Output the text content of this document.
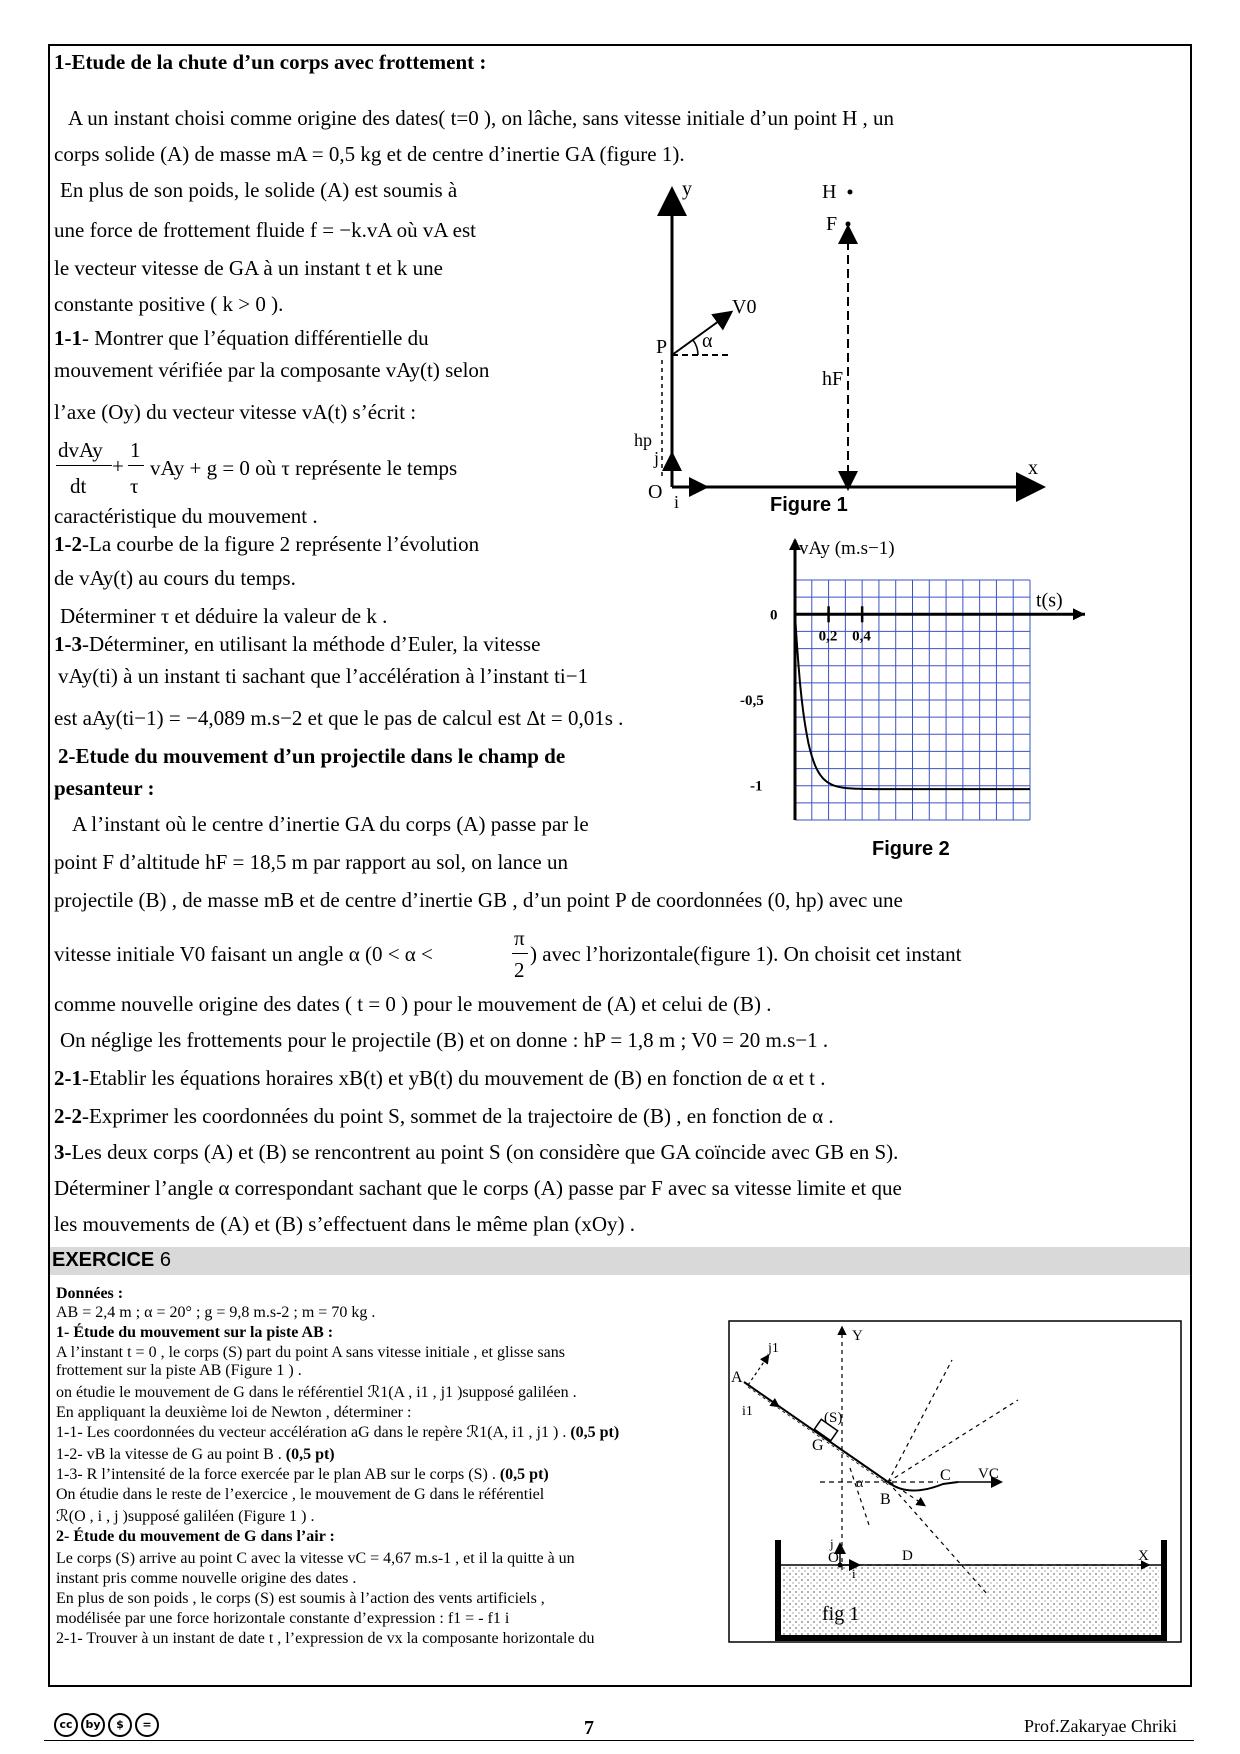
1-Etude de la chute d’un corps avec frottement :
A un instant choisi comme origine des dates( t=0 ), on lâche, sans vitesse initiale d’un point H , un
corps solide (A) de masse mA = 0,5 kg et de centre d’inertie GA (figure 1).
En plus de son poids, le solide (A) est soumis à
une force de frottement fluide f = −k.vA où vA est
le vecteur vitesse de GA à un instant t et k une
constante positive ( k > 0 ).
1-1- Montrer que l’équation différentielle du
mouvement vérifiée par la composante vAy(t) selon
l’axe (Oy) du vecteur vitesse vA(t) s’écrit :
dvAy
dt
+
1
τ
vAy + g = 0 où τ représente le temps
caractéristique du mouvement .
1-2-La courbe de la figure 2 représente l’évolution
de vAy(t) au cours du temps.
Déterminer τ et déduire la valeur de k .
1-3-Déterminer, en utilisant la méthode d’Euler, la vitesse
vAy(ti) à un instant ti sachant que l’accélération à l’instant ti−1
est aAy(ti−1) = −4,089 m.s−2 et que le pas de calcul est Δt = 0,01s .
2-Etude du mouvement d’un projectile dans le champ de
pesanteur :
A l’instant où le centre d’inertie GA du corps (A) passe par le
point F d’altitude hF = 18,5 m par rapport au sol, on lance un
projectile (B) , de masse mB et de centre d’inertie GB , d’un point P de coordonnées (0, hp) avec une
vitesse initiale V0 faisant un angle α (0 < α <
π
2
) avec l’horizontale(figure 1). On choisit cet instant
comme nouvelle origine des dates ( t = 0 ) pour le mouvement de (A) et celui de (B) .
On néglige les frottements pour le projectile (B) et on donne : hP = 1,8 m ; V0 = 20 m.s−1 .
2-1-Etablir les équations horaires xB(t) et yB(t) du mouvement de (B) en fonction de α et t .
2-2-Exprimer les coordonnées du point S, sommet de la trajectoire de (B) , en fonction de α .
3-Les deux corps (A) et (B) se rencontrent au point S (on considère que GA coïncide avec GB en S).
Déterminer l’angle α correspondant sachant que le corps (A) passe par F avec sa vitesse limite et que
les mouvements de (A) et (B) s’effectuent dans le même plan (xOy) .
y
x
H
F
P
O
V0
α
hF
hp
i
j
Figure 1
vAy (m.s−1)
t(s)
0
0,2 0,4
-0,5
-1
Figure 2
EXERCICE 6
Données :
AB = 2,4 m ; α = 20° ; g = 9,8 m.s-2 ; m = 70 kg .
1- Étude du mouvement sur la piste AB :
A l’instant t = 0 , le corps (S) part du point A sans vitesse initiale , et glisse sans
frottement sur la piste AB (Figure 1 ) .
on étudie le mouvement de G dans le référentiel ℛ1(A , i1 , j1 )supposé galiléen .
En appliquant la deuxième loi de Newton , déterminer :
1-1- Les coordonnées du vecteur accélération aG dans le repère ℛ1(A, i1 , j1 ) . (0,5 pt)
1-2- vB la vitesse de G au point B . (0,5 pt)
1-3- R l’intensité de la force exercée par le plan AB sur le corps (S) . (0,5 pt)
On étudie dans le reste de l’exercice , le mouvement de G dans le référentiel
ℛ(O , i , j )supposé galiléen (Figure 1 ) .
2- Étude du mouvement de G dans l’air :
Le corps (S) arrive au point C avec la vitesse vC = 4,67 m.s-1 , et il la quitte à un
instant pris comme nouvelle origine des dates .
En plus de son poids , le corps (S) est soumis à l’action des vents artificiels ,
modélisée par une force horizontale constante d’expression : f1 = - f1 i
2-1- Trouver à un instant de date t , l’expression de vx la composante horizontale du
A
G
(S)
B
C VC
Y
O	D	X
α
j1
i1
i
j
fig 1
cc	by	$	=	7	Prof.Zakaryae Chriki
